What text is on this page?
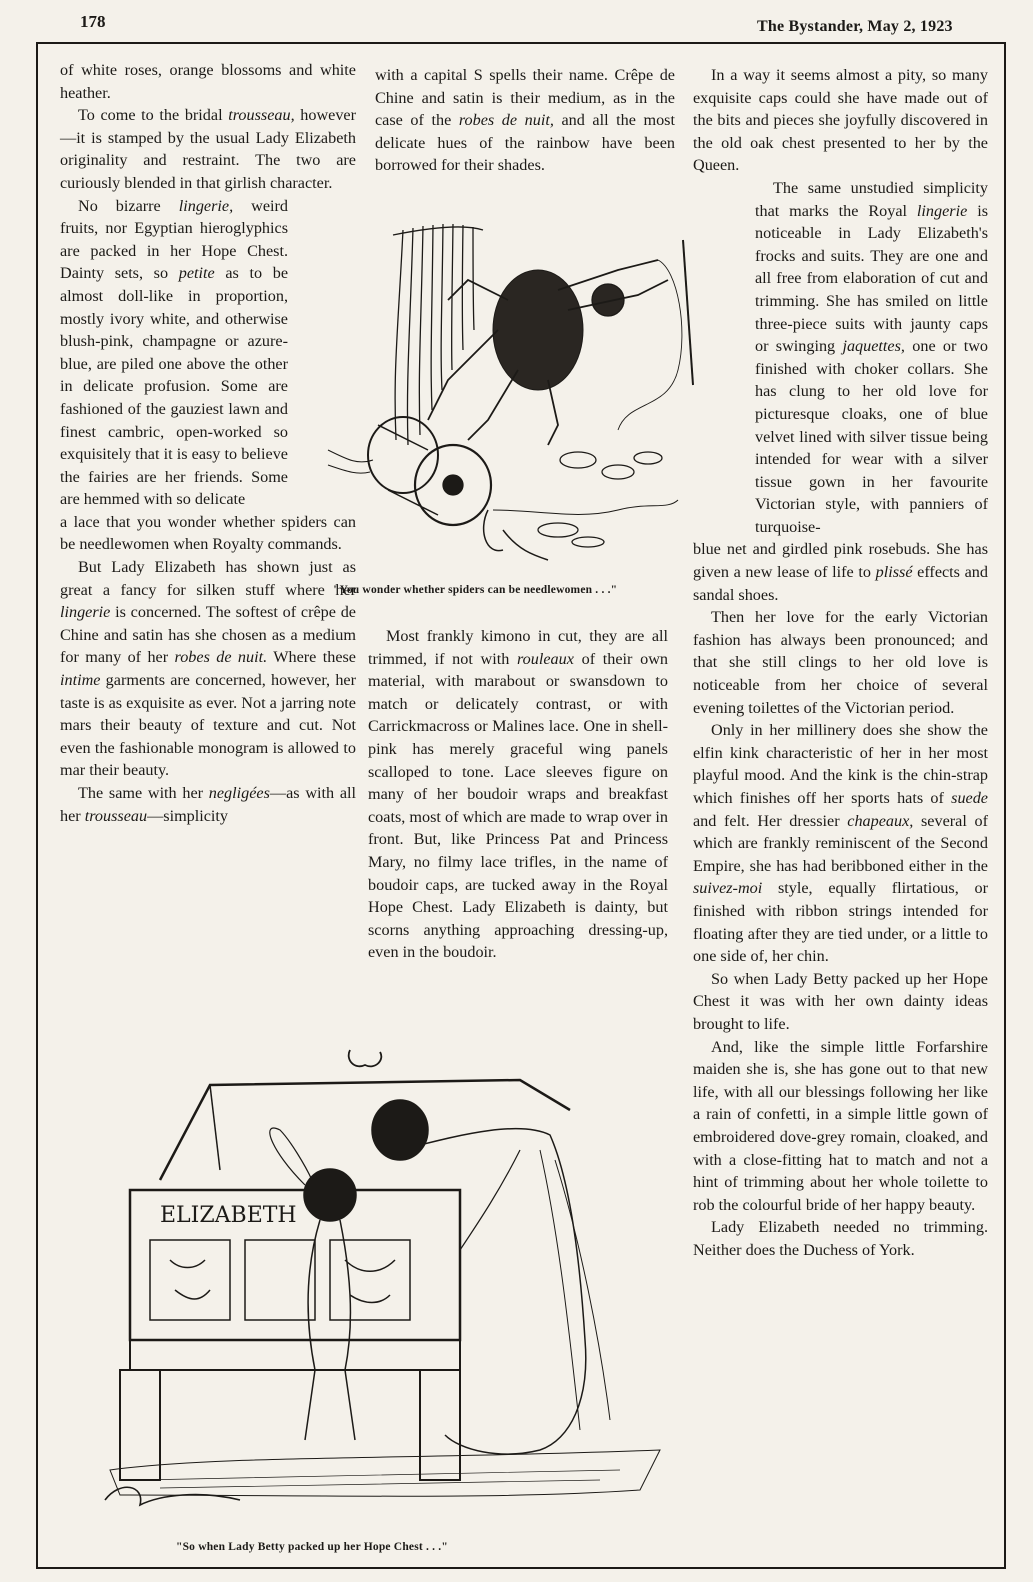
178	The Bystander, May 2, 1923

of white roses, orange blossoms and white heather.

To come to the bridal trousseau, however—it is stamped by the usual Lady Elizabeth originality and restraint. The two are curiously blended in that girlish character.

No bizarre lingerie, weird fruits, nor Egyptian hieroglyphics are packed in her Hope Chest. Dainty sets, so petite as to be almost doll-like in proportion, mostly ivory white, and otherwise blush-pink, champagne or azure-blue, are piled one above the other in delicate profusion. Some are fashioned of the gauziest lawn and finest cambric, open-worked so exquisitely that it is easy to believe the fairies are her friends. Some are hemmed with so delicate

a lace that you wonder whether spiders can be needlewomen when Royalty commands.

But Lady Elizabeth has shown just as great a fancy for silken stuff where her lingerie is concerned. The softest of crêpe de Chine and satin has she chosen as a medium for many of her robes de nuit. Where these intime garments are concerned, however, her taste is as exquisite as ever. Not a jarring note mars their beauty of texture and cut. Not even the fashionable monogram is allowed to mar their beauty.

The same with her negligées—as with all her trousseau—simplicity

with a capital S spells their name. Crêpe de Chine and satin is their medium, as in the case of the robes de nuit, and all the most delicate hues of the rainbow have been borrowed for their shades.

"You wonder whether spiders can be needlewomen . . ."

Most frankly kimono in cut, they are all trimmed, if not with rouleaux of their own material, with marabout or swansdown to match or delicately contrast, or with Carrickmacross or Malines lace. One in shell-pink has merely graceful wing panels scalloped to tone. Lace sleeves figure on many of her boudoir wraps and breakfast coats, most of which are made to wrap over in front. But, like Princess Pat and Princess Mary, no filmy lace trifles, in the name of boudoir caps, are tucked away in the Royal Hope Chest. Lady Elizabeth is dainty, but scorns anything approaching dressing-up, even in the boudoir.

In a way it seems almost a pity, so many exquisite caps could she have made out of the bits and pieces she joyfully discovered in the old oak chest presented to her by the Queen.

The same unstudied simplicity that marks the Royal lingerie is noticeable in Lady Elizabeth's frocks and suits. They are one and all free from elaboration of cut and trimming. She has smiled on little three-piece suits with jaunty caps or swinging jaquettes, one or two finished with choker collars. She has clung to her old love for picturesque cloaks, one of blue velvet lined with silver tissue being intended for wear with a silver tissue gown in her favourite Victorian style, with panniers of turquoise-

blue net and girdled pink rosebuds. She has given a new lease of life to plissé effects and sandal shoes.

Then her love for the early Victorian fashion has always been pronounced; and that she still clings to her old love is noticeable from her choice of several evening toilettes of the Victorian period.

Only in her millinery does she show the elfin kink characteristic of her in her most playful mood. And the kink is the chin-strap which finishes off her sports hats of suede and felt. Her dressier chapeaux, several of which are frankly reminiscent of the Second Empire, she has had beribboned either in the suivez-moi style, equally flirtatious, or finished with ribbon strings intended for floating after they are tied under, or a little to one side of, her chin.

So when Lady Betty packed up her Hope Chest it was with her own dainty ideas brought to life.

And, like the simple little Forfarshire maiden she is, she has gone out to that new life, with all our blessings following her like a rain of confetti, in a simple little gown of embroidered dove-grey romain, cloaked, and with a close-fitting hat to match and not a hint of trimming about her whole toilette to rob the colourful bride of her happy beauty.

Lady Elizabeth needed no trimming. Neither does the Duchess of York.

ELIZABETH
"So when Lady Betty packed up her Hope Chest . . ."
